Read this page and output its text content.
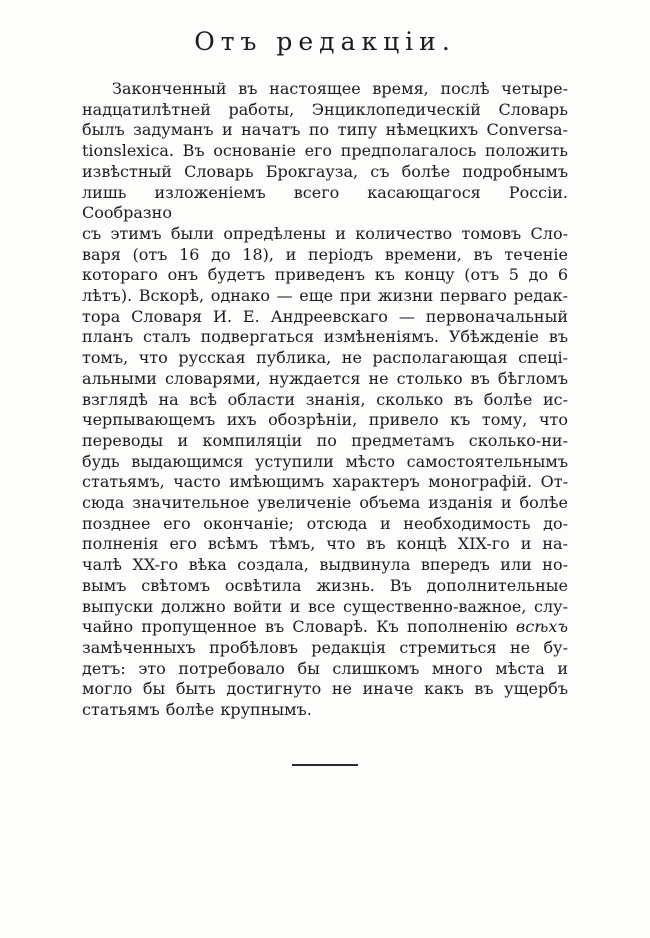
Отъ редакціи.
Законченный въ настоящее время, послѣ четыре-
надцатилѣтней работы, Энциклопедическій Словарь
былъ задуманъ и начатъ по типу нѣмецкихъ Conversa-
tionslexica. Въ основаніе его предполагалось положить
извѣстный Словарь Брокгауза, съ болѣе подробнымъ
лишь изложеніемъ всего касающагося Россіи. Сообразно
съ этимъ были опредѣлены и количество томовъ Сло-
варя (отъ 16 до 18), и періодъ времени, въ теченіе
котораго онъ будетъ приведенъ къ концу (отъ 5 до 6
лѣтъ). Вскорѣ, однако — еще при жизни перваго редак-
тора Словаря И. Е. Андреевскаго — первоначальный
планъ сталъ подвергаться измѣненіямъ. Убѣжденіе въ
томъ, что русская публика, не располагающая спеці-
альными словарями, нуждается не столько въ бѣгломъ
взглядѣ на всѣ области знанія, сколько въ болѣе ис-
черпывающемъ ихъ обозрѣніи, привело къ тому, что
переводы и компиляціи по предметамъ сколько-ни-
будь выдающимся уступили мѣсто самостоятельнымъ
статьямъ, часто имѣющимъ характеръ монографій. От-
сюда значительное увеличеніе объема изданія и болѣе
позднее его окончаніе; отсюда и необходимость до-
полненія его всѣмъ тѣмъ, что въ концѣ XIX-го и на-
чалѣ XX-го вѣка создала, выдвинула впередъ или но-
вымъ свѣтомъ освѣтила жизнь. Въ дополнительные
выпуски должно войти и все существенно-важное, слу-
чайно пропущенное въ Словарѣ. Къ пополненію всѣхъ
замѣченныхъ пробѣловъ редакція стремиться не бу-
детъ: это потребовало бы слишкомъ много мѣста и
могло бы быть достигнуто не иначе какъ въ ущербъ
статьямъ болѣе крупнымъ.
